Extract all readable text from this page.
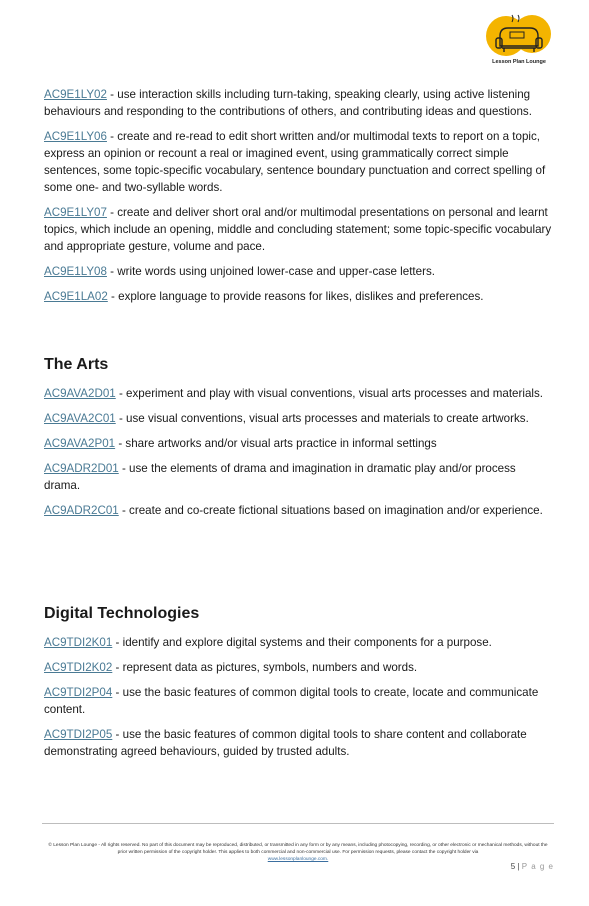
Lesson Plan Lounge

AC9E1LY02 - use interaction skills including turn-taking, speaking clearly, using active listening behaviours and responding to the contributions of others, and contributing ideas and questions.

AC9E1LY06 - create and re-read to edit short written and/or multimodal texts to report on a topic, express an opinion or recount a real or imagined event, using grammatically correct simple sentences, some topic-specific vocabulary, sentence boundary punctuation and correct spelling of some one- and two-syllable words.

AC9E1LY07 - create and deliver short oral and/or multimodal presentations on personal and learnt topics, which include an opening, middle and concluding statement; some topic-specific vocabulary and appropriate gesture, volume and pace.

AC9E1LY08 - write words using unjoined lower-case and upper-case letters.

AC9E1LA02 - explore language to provide reasons for likes, dislikes and preferences.

The Arts

AC9AVA2D01 - experiment and play with visual conventions, visual arts processes and materials.

AC9AVA2C01 - use visual conventions, visual arts processes and materials to create artworks.

AC9AVA2P01 - share artworks and/or visual arts practice in informal settings

AC9ADR2D01 - use the elements of drama and imagination in dramatic play and/or process drama.

AC9ADR2C01 - create and co-create fictional situations based on imagination and/or experience.

Digital Technologies

AC9TDI2K01 - identify and explore digital systems and their components for a purpose.

AC9TDI2K02 - represent data as pictures, symbols, numbers and words.

AC9TDI2P04 - use the basic features of common digital tools to create, locate and communicate content.

AC9TDI2P05 - use the basic features of common digital tools to share content and collaborate demonstrating agreed behaviours, guided by trusted adults.

© Lesson Plan Lounge - All rights reserved. No part of this document may be reproduced, distributed, or transmitted in any form or by any means, including photocopying, recording, or other electronic or mechanical methods, without the prior written permission of the copyright holder. This applies to both commercial and non-commercial use. For permission requests, please contact the copyright holder via
www.lessonplanlounge.com.
5 | P a g e
